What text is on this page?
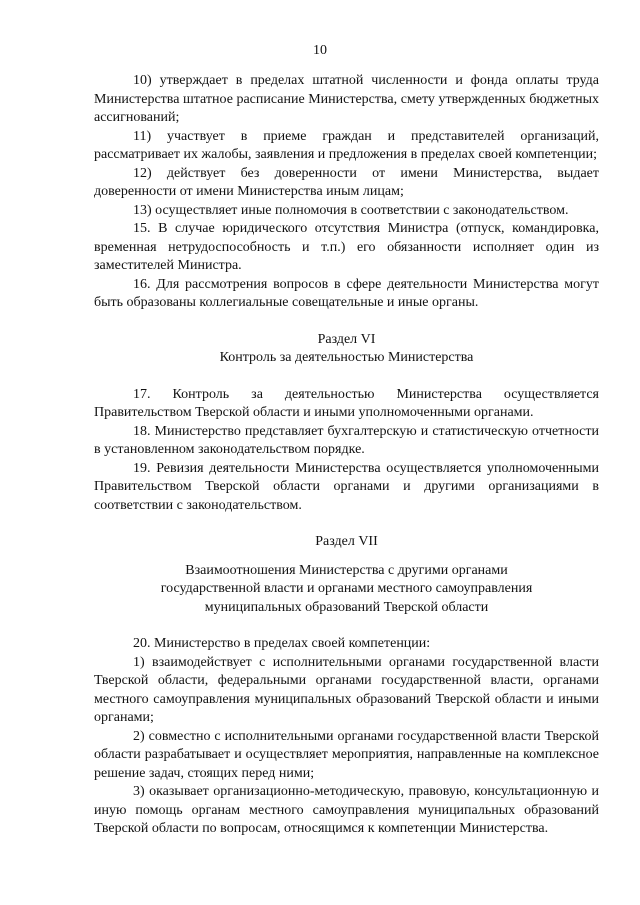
10

10) утверждает в пределах штатной численности и фонда оплаты труда Министерства штатное расписание Министерства, смету утвержденных бюджетных ассигнований;

11) участвует в приеме граждан и представителей организаций, рассматривает их жалобы, заявления и предложения в пределах своей компетенции;

12) действует без доверенности от имени Министерства, выдает доверенности от имени Министерства иным лицам;

13) осуществляет иные полномочия в соответствии с законодательством.

15. В случае юридического отсутствия Министра (отпуск, командировка, временная нетрудоспособность и т.п.) его обязанности исполняет один из заместителей Министра.

16. Для рассмотрения вопросов в сфере деятельности Министерства могут быть образованы коллегиальные совещательные и иные органы.

Раздел VI

Контроль за деятельностью Министерства

17. Контроль за деятельностью Министерства осуществляется Правительством Тверской области и иными уполномоченными органами.

18. Министерство представляет бухгалтерскую и статистическую отчетности в установленном законодательством порядке.

19. Ревизия деятельности Министерства осуществляется уполномоченными Правительством Тверской области органами и другими организациями в соответствии с законодательством.

Раздел VII

Взаимоотношения Министерства с другими органами

государственной власти и органами местного самоуправления

муниципальных образований Тверской области

20. Министерство в пределах своей компетенции:

1) взаимодействует с исполнительными органами государственной власти Тверской области, федеральными органами государственной власти, органами местного самоуправления муниципальных образований Тверской области и иными органами;

2) совместно с исполнительными органами государственной власти Тверской области разрабатывает и осуществляет мероприятия, направленные на комплексное решение задач, стоящих перед ними;

3) оказывает организационно-методическую, правовую, консультационную и иную помощь органам местного самоуправления муниципальных образований Тверской области по вопросам, относящимся к компетенции Министерства.
